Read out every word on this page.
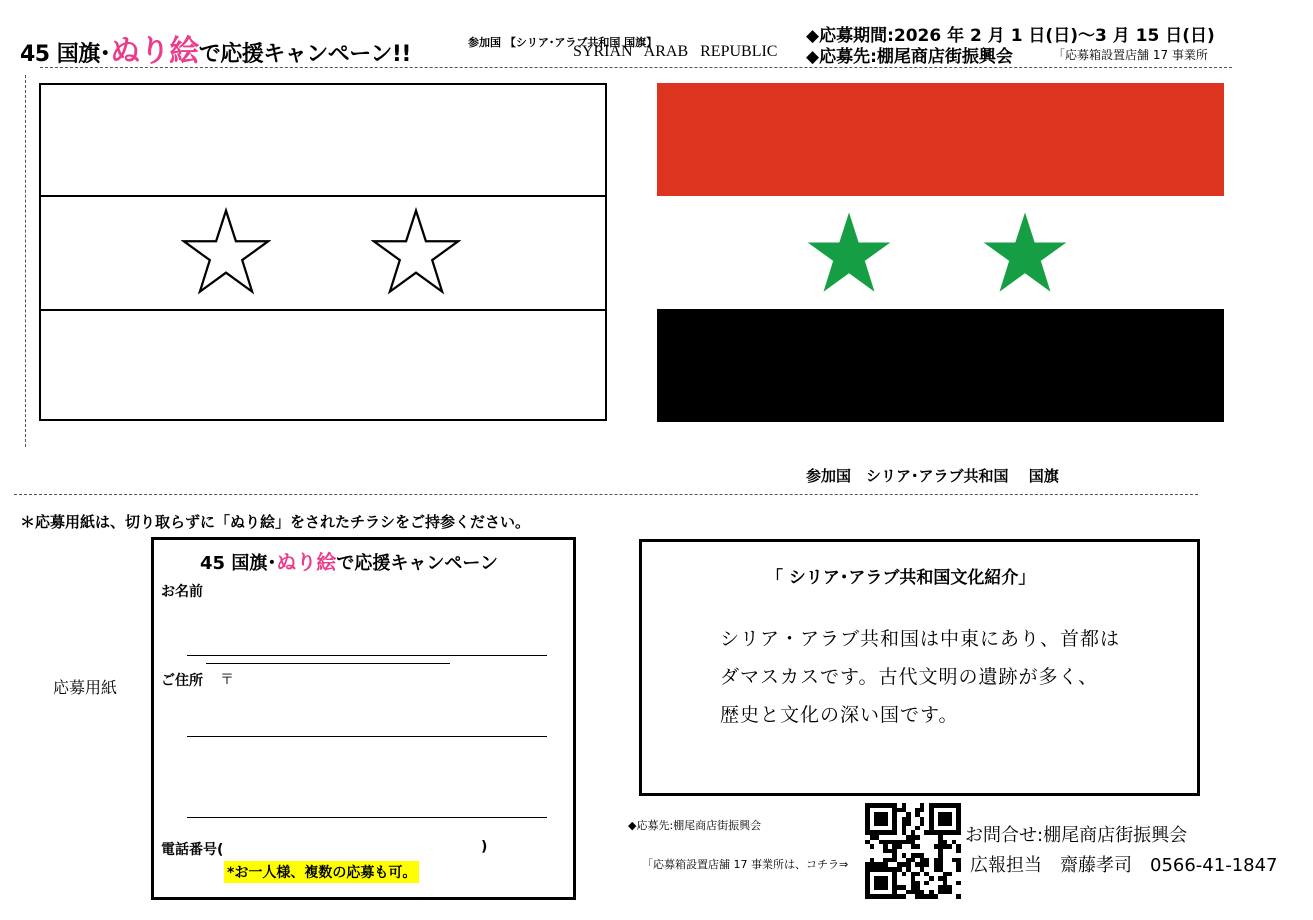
45 国旗･ぬり絵で応援キャンペーン!!	参加国 【シリア･アラブ共和国 国旗】
SYRIAN   ARAB   REPUBLIC
◆応募期間:2026 年 2 月 1 日(日)～3 月 15 日(日)
◆応募先:棚尾商店街振興会	「応募箱設置店舗 17 事業所
参加国　シリア･アラブ共和国　 国旗
＊応募用紙は、切り取らずに「ぬり絵」をされたチラシをご持参ください。
応募用紙
45 国旗･ぬり絵で応援キャンペーン
お名前
ご住所 〒
電話番号(	)
*お一人様、複数の応募も可。
「 シリア･アラブ共和国文化紹介」
シリア・アラブ共和国は中東にあり、首都は
ダマスカスです。古代文明の遺跡が多く、
歴史と文化の深い国です。
◆応募先:棚尾商店街振興会
「応募箱設置店舗 17 事業所は、コチラ⇒
お問合せ:棚尾商店街振興会
広報担当　齋藤孝司　0566-41-1847
